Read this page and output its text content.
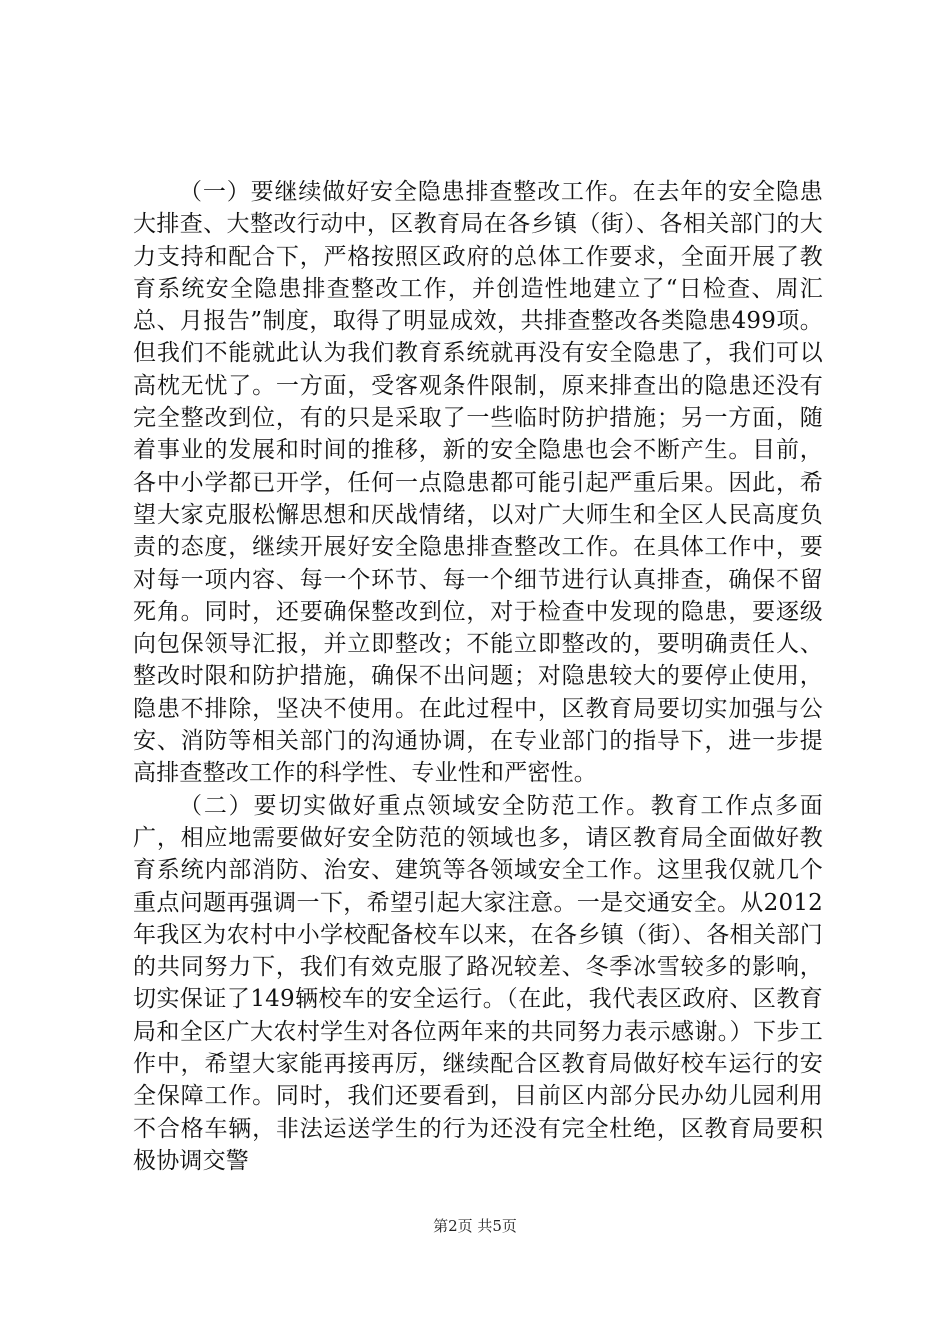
（一）要继续做好安全隐患排查整改工作。在去年的安全隐患大排查、大整改行动中，区教育局在各乡镇（街）、各相关部门的大力支持和配合下，严格按照区政府的总体工作要求，全面开展了教育系统安全隐患排查整改工作，并创造性地建立了“日检查、周汇总、月报告”制度，取得了明显成效，共排查整改各类隐患499项。但我们不能就此认为我们教育系统就再没有安全隐患了，我们可以高枕无忧了。一方面，受客观条件限制，原来排查出的隐患还没有完全整改到位，有的只是采取了一些临时防护措施；另一方面，随着事业的发展和时间的推移，新的安全隐患也会不断产生。目前，各中小学都已开学，任何一点隐患都可能引起严重后果。因此，希望大家克服松懈思想和厌战情绪，以对广大师生和全区人民高度负责的态度，继续开展好安全隐患排查整改工作。在具体工作中，要对每一项内容、每一个环节、每一个细节进行认真排查，确保不留死角。同时，还要确保整改到位，对于检查中发现的隐患，要逐级向包保领导汇报，并立即整改；不能立即整改的，要明确责任人、整改时限和防护措施，确保不出问题；对隐患较大的要停止使用，隐患不排除，坚决不使用。在此过程中，区教育局要切实加强与公安、消防等相关部门的沟通协调，在专业部门的指导下，进一步提高排查整改工作的科学性、专业性和严密性。

（二）要切实做好重点领域安全防范工作。教育工作点多面广，相应地需要做好安全防范的领域也多，请区教育局全面做好教育系统内部消防、治安、建筑等各领域安全工作。这里我仅就几个重点问题再强调一下，希望引起大家注意。一是交通安全。从2012年我区为农村中小学校配备校车以来，在各乡镇（街）、各相关部门的共同努力下，我们有效克服了路况较差、冬季冰雪较多的影响，切实保证了149辆校车的安全运行。（在此，我代表区政府、区教育局和全区广大农村学生对各位两年来的共同努力表示感谢。）下步工作中，希望大家能再接再厉，继续配合区教育局做好校车运行的安全保障工作。同时，我们还要看到，目前区内部分民办幼儿园利用不合格车辆，非法运送学生的行为还没有完全杜绝，区教育局要积极协调交警

第2页 共5页
